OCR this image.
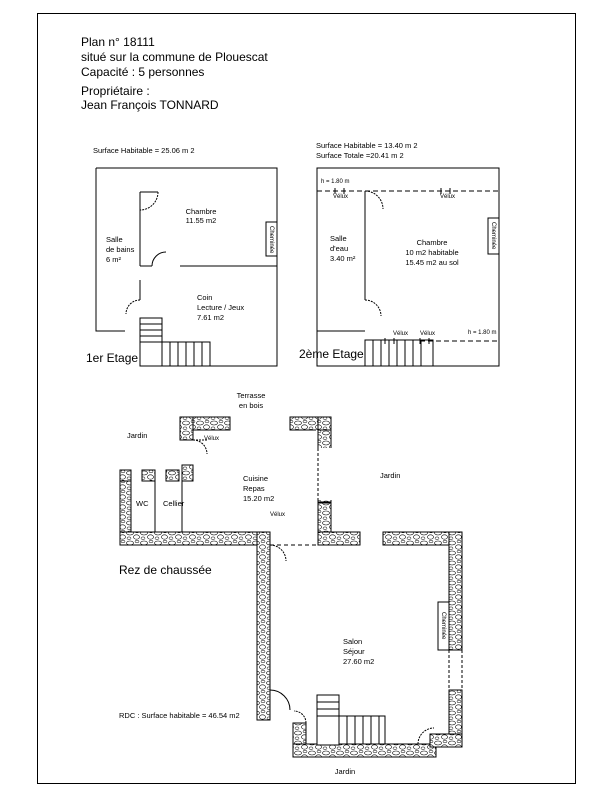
Plan n° 18111
situé sur la commune de Plouescat
Capacité : 5 personnes
Propriétaire :
Jean François TONNARD
Surface Habitable = 25.06 m 2
1er Etage
Chambre
11.55 m2
Salle
de bains
6 m²
Coin
Lecture / Jeux
7.61 m2
Cheminée
Surface Habitable = 13.40 m 2
Surface Totale =20.41 m 2
2ème Etage
h = 1.80 m
h = 1.80 m
Vélux	Vélux
Vélux Vélux
Salle
d'eau
3.40 m²
Chambre
10 m2 habitable
15.45 m2 au sol
Cheminée
Terrasse
en bois
Jardin
Jardin
Jardin
Vélux
Vélux
Cuisine
Repas
15.20 m2
WC Cellier
Rez de chaussée
Salon
Séjour
27.60 m2
Cheminée
RDC : Surface habitable = 46.54 m2
